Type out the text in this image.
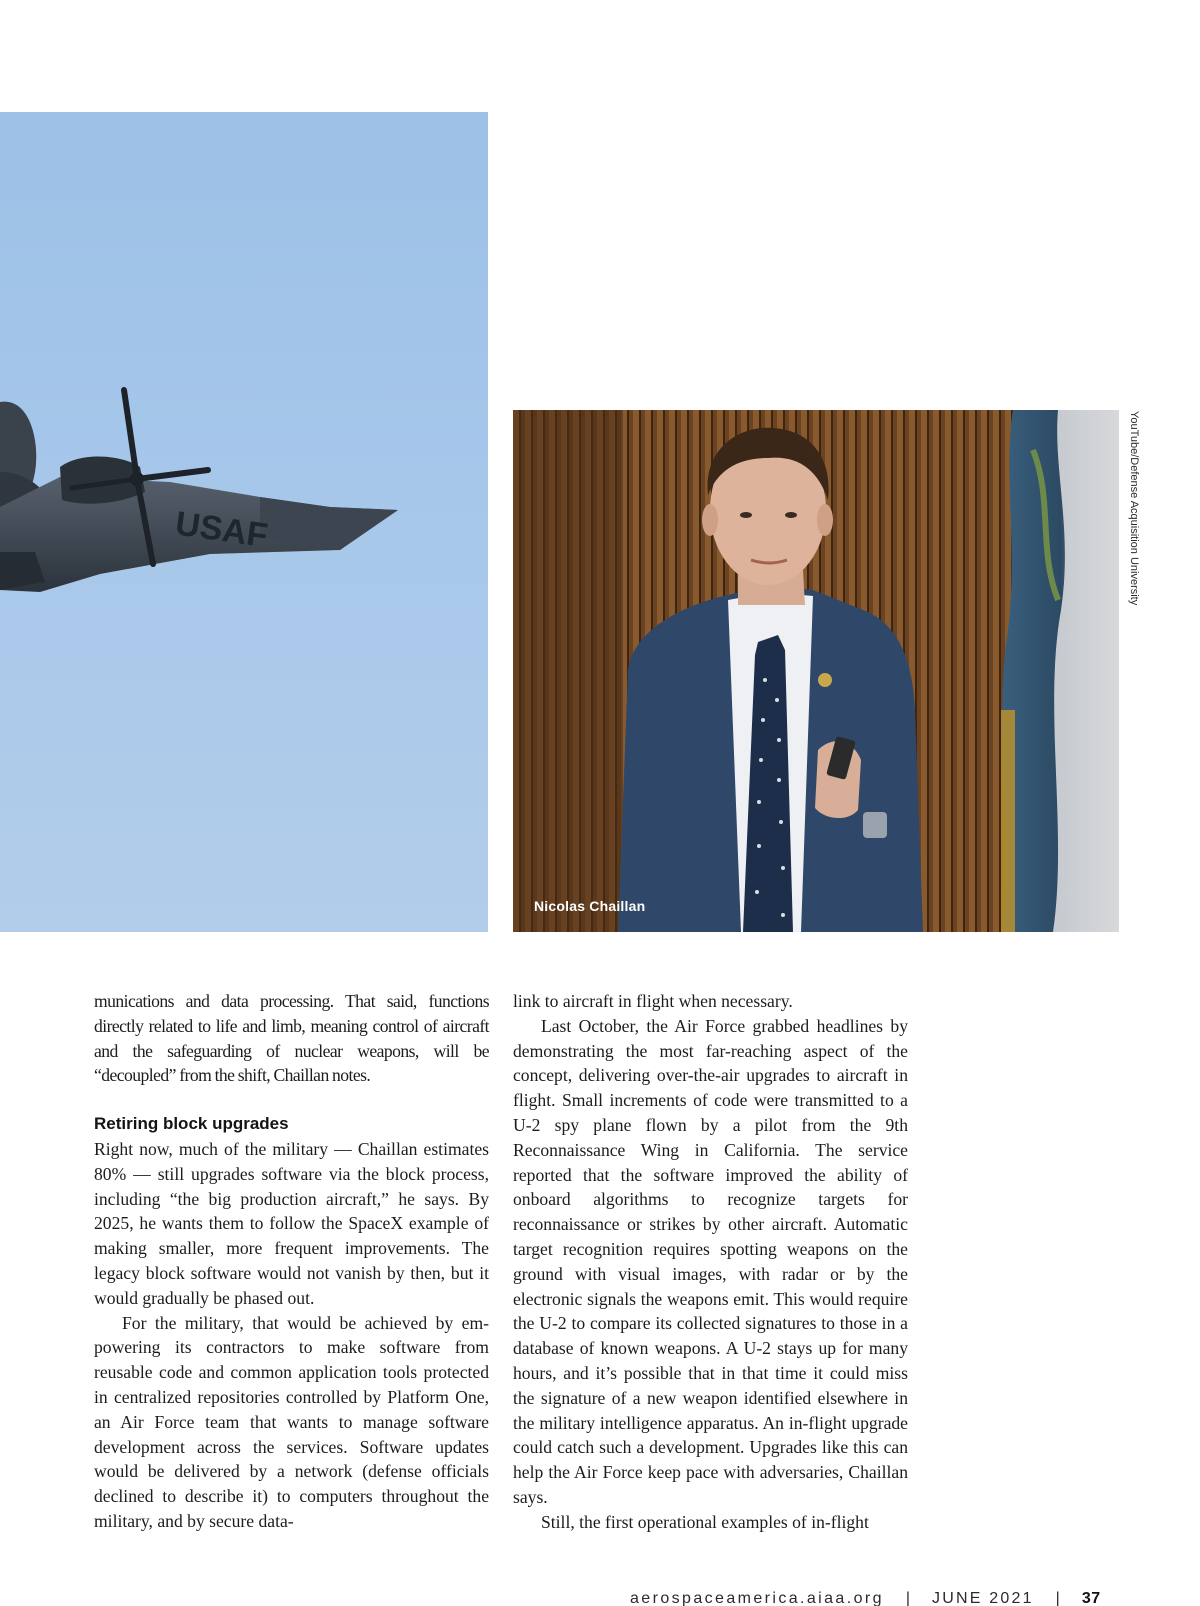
USAF
Nicolas Chaillan
YouTube/Defense Acquisition University

munications and data processing. That said, functions directly related to life and limb, meaning control of aircraft and the safeguarding of nuclear weapons, will be “decoupled” from the shift, Chaillan notes.

Retiring block upgrades

Right now, much of the military — Chaillan estimates 80% — still upgrades software via the block process, including “the big production aircraft,” he says. By 2025, he wants them to follow the SpaceX example of making smaller, more frequent improvements. The legacy block software would not vanish by then, but it would gradually be phased out.

For the military, that would be achieved by empowering its contractors to make software from reusable code and common application tools protected in centralized repositories controlled by Platform One, an Air Force team that wants to manage software development across the services. Software updates would be delivered by a network (defense officials declined to describe it) to computers throughout the military, and by secure data-

link to aircraft in flight when necessary.

Last October, the Air Force grabbed headlines by demonstrating the most far-reaching aspect of the concept, delivering over-the-air upgrades to aircraft in flight. Small increments of code were transmitted to a U-2 spy plane flown by a pilot from the 9th Reconnaissance Wing in California. The service reported that the software improved the ability of onboard algorithms to recognize targets for reconnaissance or strikes by other aircraft. Automatic target recognition requires spotting weapons on the ground with visual images, with radar or by the electronic signals the weapons emit. This would require the U-2 to compare its collected signatures to those in a database of known weapons. A U-2 stays up for many hours, and it’s possible that in that time it could miss the signature of a new weapon identified elsewhere in the military intelligence apparatus. An in-flight upgrade could catch such a development. Upgrades like this can help the Air Force keep pace with adversaries, Chaillan says.

Still, the first operational examples of in-flight

aerospaceamerica.aiaa.org | JUNE 2021 | 37
